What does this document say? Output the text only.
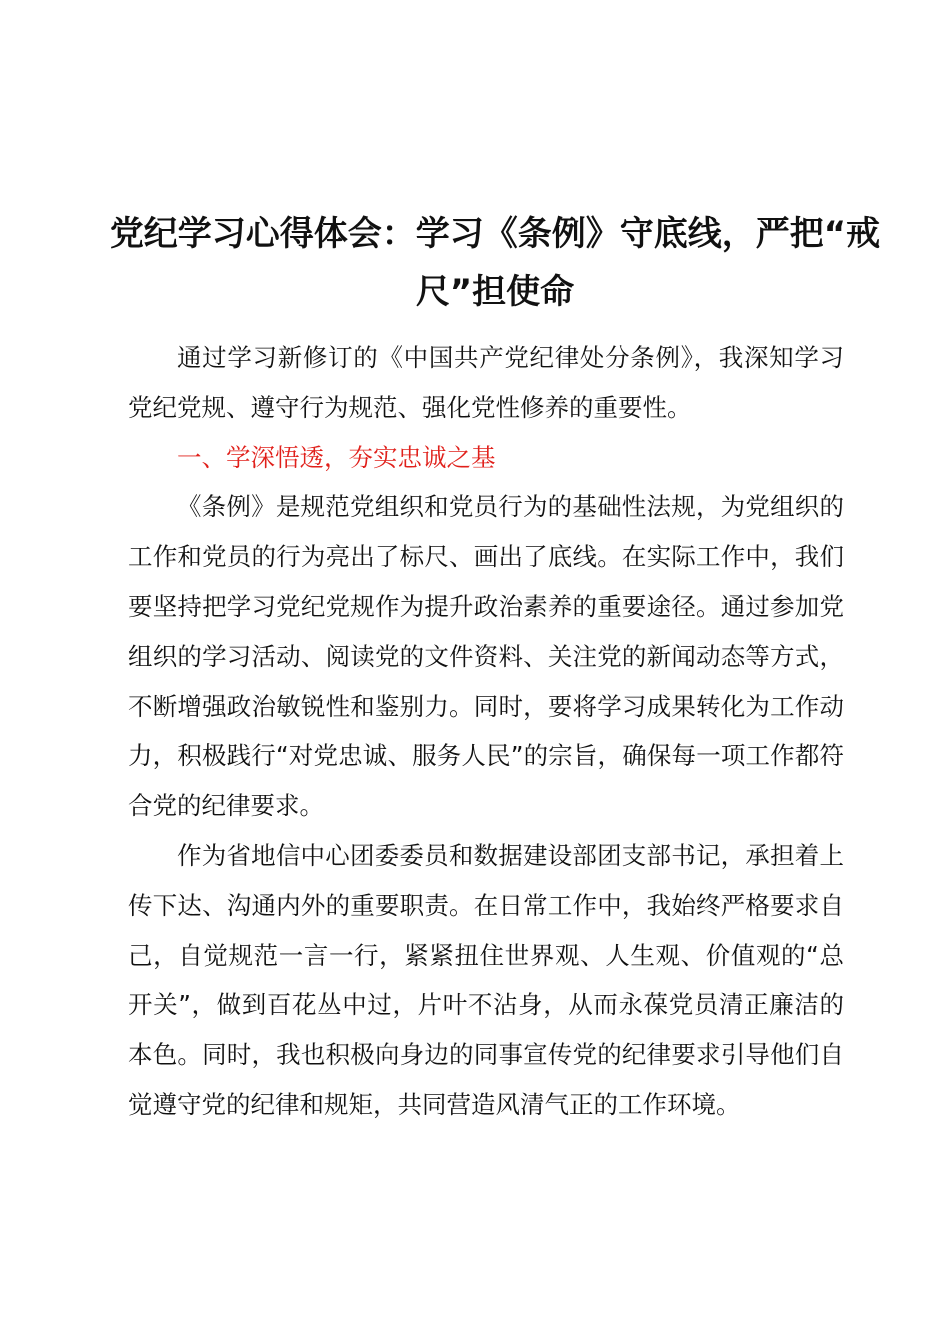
党纪学习心得体会：学习《条例》守底线，严把“戒尺”担使命

通过学习新修订的《中国共产党纪律处分条例》，我深知学习党纪党规、遵守行为规范、强化党性修养的重要性。

一、学深悟透，夯实忠诚之基

《条例》是规范党组织和党员行为的基础性法规，为党组织的工作和党员的行为亮出了标尺、画出了底线。在实际工作中，我们要坚持把学习党纪党规作为提升政治素养的重要途径。通过参加党组织的学习活动、阅读党的文件资料、关注党的新闻动态等方式，不断增强政治敏锐性和鉴别力。同时，要将学习成果转化为工作动力，积极践行“对党忠诚、服务人民”的宗旨，确保每一项工作都符合党的纪律要求。

作为省地信中心团委委员和数据建设部团支部书记，承担着上传下达、沟通内外的重要职责。在日常工作中，我始终严格要求自己，自觉规范一言一行，紧紧扭住世界观、人生观、价值观的“总开关”，做到百花丛中过，片叶不沾身，从而永葆党员清正廉洁的本色。同时，我也积极向身边的同事宣传党的纪律要求引导他们自觉遵守党的纪律和规矩，共同营造风清气正的工作环境。
